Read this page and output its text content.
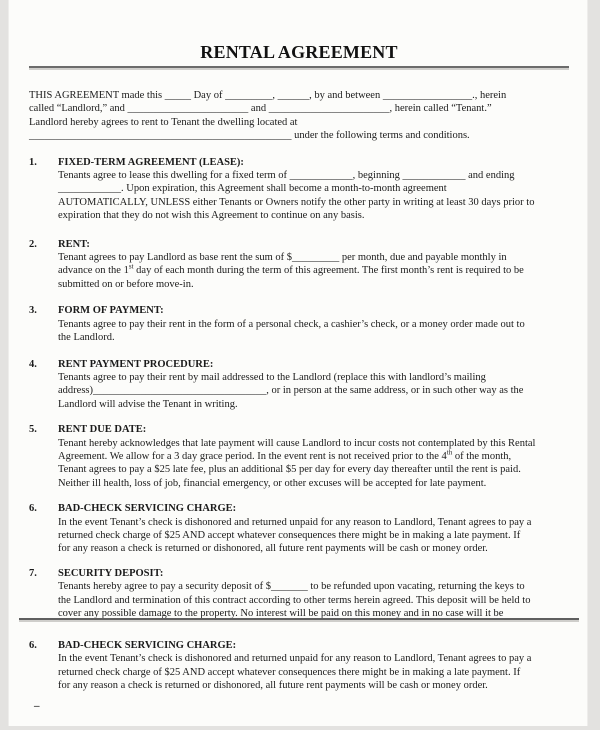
RENTAL AGREEMENT
THIS AGREEMENT made this _____ Day of _________, ______, by and between _________________., herein
called “Landlord,” and _______________________ and _______________________, herein called “Tenant.”
Landlord hereby agrees to rent to Tenant the dwelling located at
__________________________________________________ under the following terms and conditions.
1. FIXED-TERM AGREEMENT (LEASE):
Tenants agree to lease this dwelling for a fixed term of ____________, beginning ____________ and ending
____________. Upon expiration, this Agreement shall become a month-to-month agreement
AUTOMATICALLY, UNLESS either Tenants or Owners notify the other party in writing at least 30 days prior to
expiration that they do not wish this Agreement to continue on any basis.
2. RENT:
Tenant agrees to pay Landlord as base rent the sum of $_________ per month, due and payable monthly in
advance on the 1st day of each month during the term of this agreement. The first month’s rent is required to be
submitted on or before move-in.
3. FORM OF PAYMENT:
Tenants agree to pay their rent in the form of a personal check, a cashier’s check, or a money order made out to
the Landlord.
4. RENT PAYMENT PROCEDURE:
Tenants agree to pay their rent by mail addressed to the Landlord (replace this with landlord’s mailing
address)_________________________________, or in person at the same address, or in such other way as the
Landlord will advise the Tenant in writing.
5. RENT DUE DATE:
Tenant hereby acknowledges that late payment will cause Landlord to incur costs not contemplated by this Rental
Agreement. We allow for a 3 day grace period. In the event rent is not received prior to the 4th of the month,
Tenant agrees to pay a $25 late fee, plus an additional $5 per day for every day thereafter until the rent is paid.
Neither ill health, loss of job, financial emergency, or other excuses will be accepted for late payment.
6. BAD-CHECK SERVICING CHARGE:
In the event Tenant’s check is dishonored and returned unpaid for any reason to Landlord, Tenant agrees to pay a
returned check charge of $25 AND accept whatever consequences there might be in making a late payment. If
for any reason a check is returned or dishonored, all future rent payments will be cash or money order.
7. SECURITY DEPOSIT:
Tenants hereby agree to pay a security deposit of $_______ to be refunded upon vacating, returning the keys to
the Landlord and termination of this contract according to other terms herein agreed. This deposit will be held to
cover any possible damage to the property. No interest will be paid on this money and in no case will it be
6. BAD-CHECK SERVICING CHARGE:
In the event Tenant’s check is dishonored and returned unpaid for any reason to Landlord, Tenant agrees to pay a
returned check charge of $25 AND accept whatever consequences there might be in making a late payment. If
for any reason a check is returned or dishonored, all future rent payments will be cash or money order.
–
